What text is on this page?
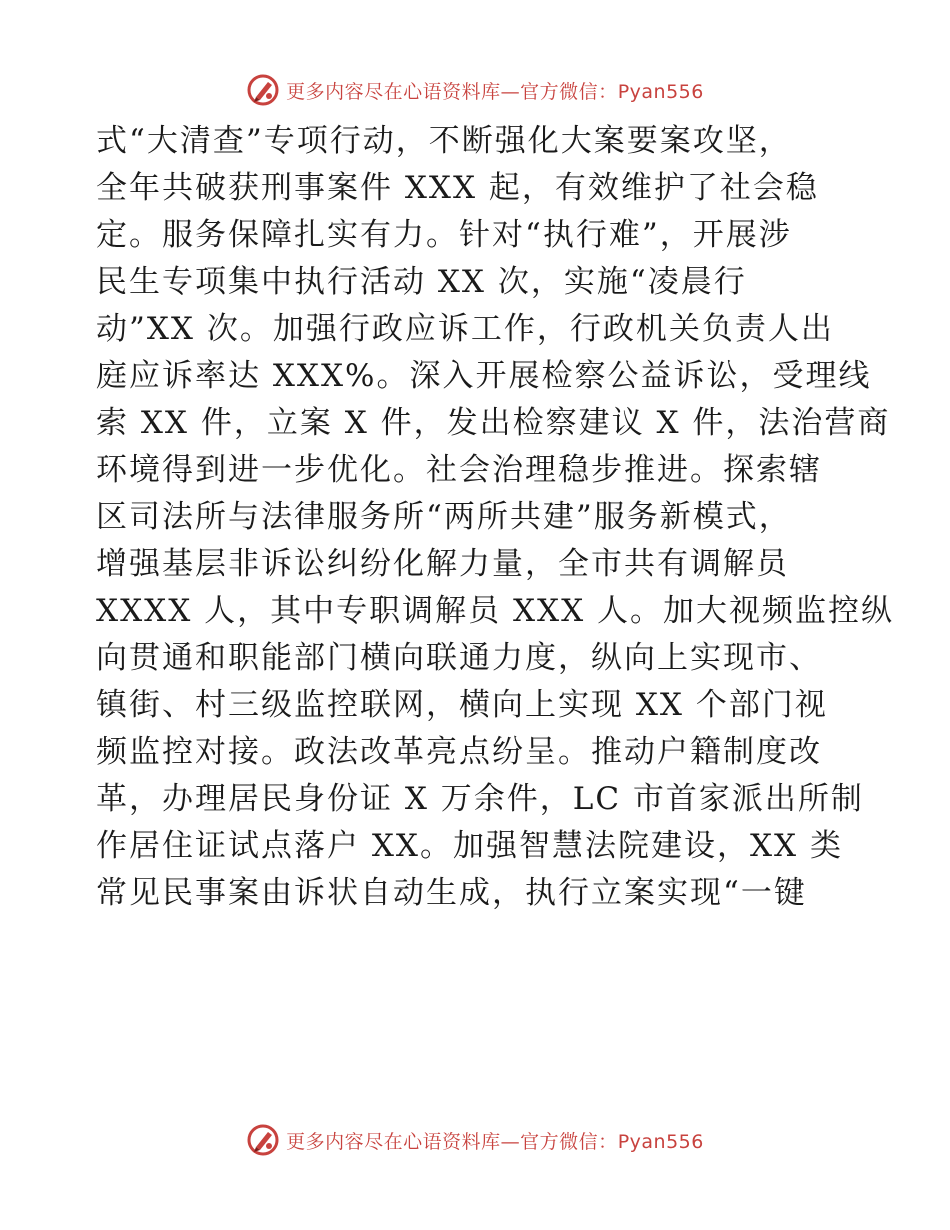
更多内容尽在心语资料库—官方微信：Pyan556
式“大清查”专项行动，不断强化大案要案攻坚，
全年共破获刑事案件 XXX 起，有效维护了社会稳
定。服务保障扎实有力。针对“执行难”，开展涉
民生专项集中执行活动 XX 次，实施“凌晨行
动”XX 次。加强行政应诉工作，行政机关负责人出
庭应诉率达 XXX%。深入开展检察公益诉讼，受理线
索 XX 件，立案 X 件，发出检察建议 X 件，法治营商
环境得到进一步优化。社会治理稳步推进。探索辖
区司法所与法律服务所“两所共建”服务新模式，
增强基层非诉讼纠纷化解力量，全市共有调解员
XXXX 人，其中专职调解员 XXX 人。加大视频监控纵
向贯通和职能部门横向联通力度，纵向上实现市、
镇街、村三级监控联网，横向上实现 XX 个部门视
频监控对接。政法改革亮点纷呈。推动户籍制度改
革，办理居民身份证 X 万余件，LC 市首家派出所制
作居住证试点落户 XX。加强智慧法院建设，XX 类
常见民事案由诉状自动生成，执行立案实现“一键
更多内容尽在心语资料库—官方微信：Pyan556
